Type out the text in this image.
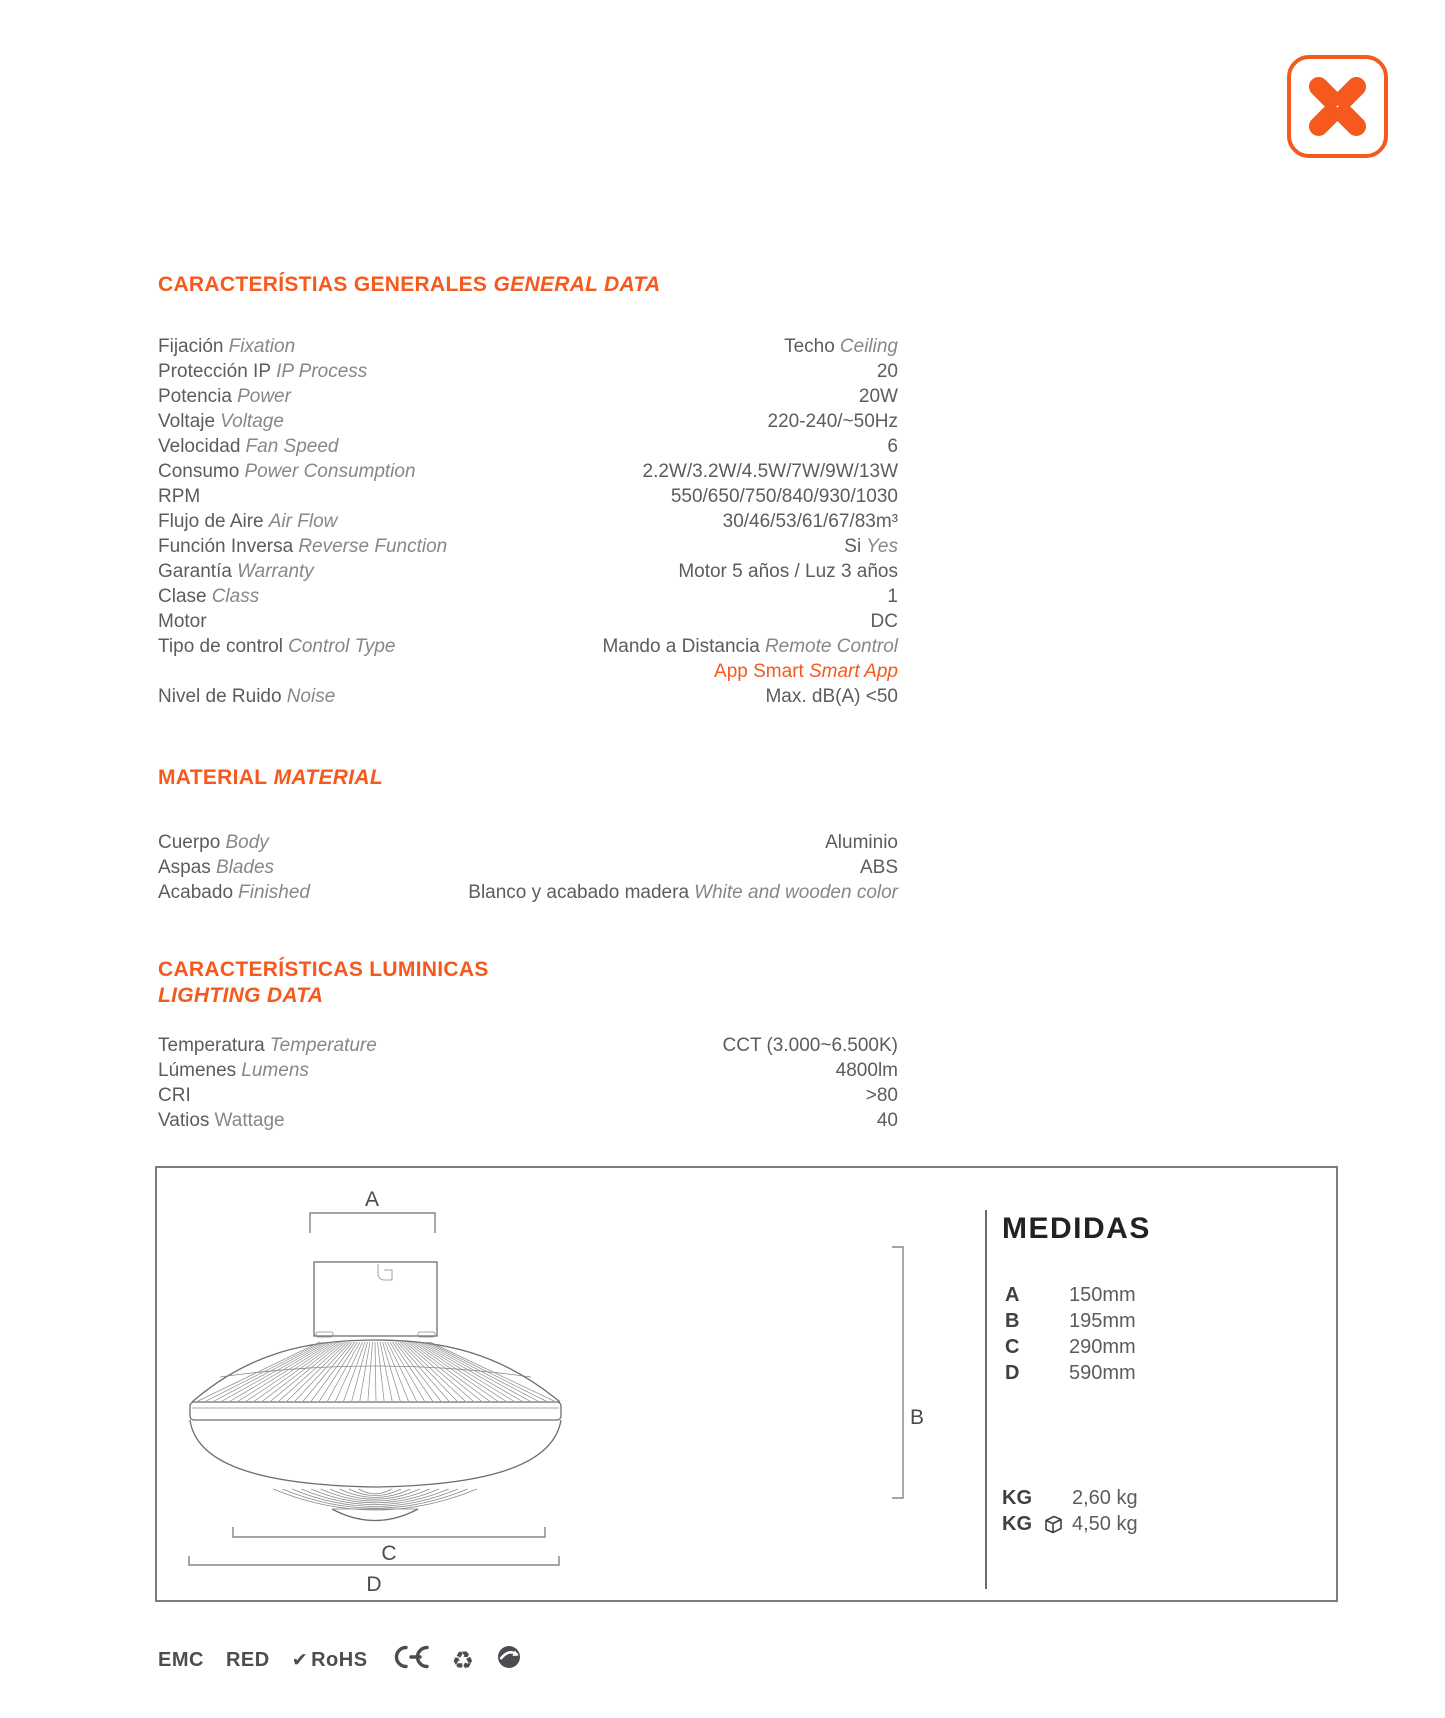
CARACTERÍSTIAS GENERALES GENERAL DATA
Fijación Fixation	Techo Ceiling
Protección IP IP Process	20
Potencia Power	20W
Voltaje Voltage	220-240/~50Hz
Velocidad Fan Speed	6
Consumo Power Consumption	2.2W/3.2W/4.5W/7W/9W/13W
RPM	550/650/750/840/930/1030
Flujo de Aire Air Flow	30/46/53/61/67/83m³
Función Inversa Reverse Function	Si Yes
Garantía Warranty	Motor 5 años / Luz 3 años
Clase Class	1
Motor	DC
Tipo de control Control Type	Mando a Distancia Remote Control
App Smart Smart App
Nivel de Ruido Noise	Max. dB(A) <50
MATERIAL MATERIAL
Cuerpo Body	Aluminio
Aspas Blades	ABS
Acabado Finished	Blanco y acabado madera White and wooden color
CARACTERÍSTICAS LUMINICAS
LIGHTING DATA
Temperatura Temperature	CCT (3.000~6.500K)
Lúmenes Lumens	4800lm
CRI	>80
Vatios Wattage	40
A
B
C
D
MEDIDAS
A	150mm
B	195mm
C	290mm
D	590mm
KG	2,60 kg
KG	4,50 kg
EMC RED ✔ RoHS	♻
